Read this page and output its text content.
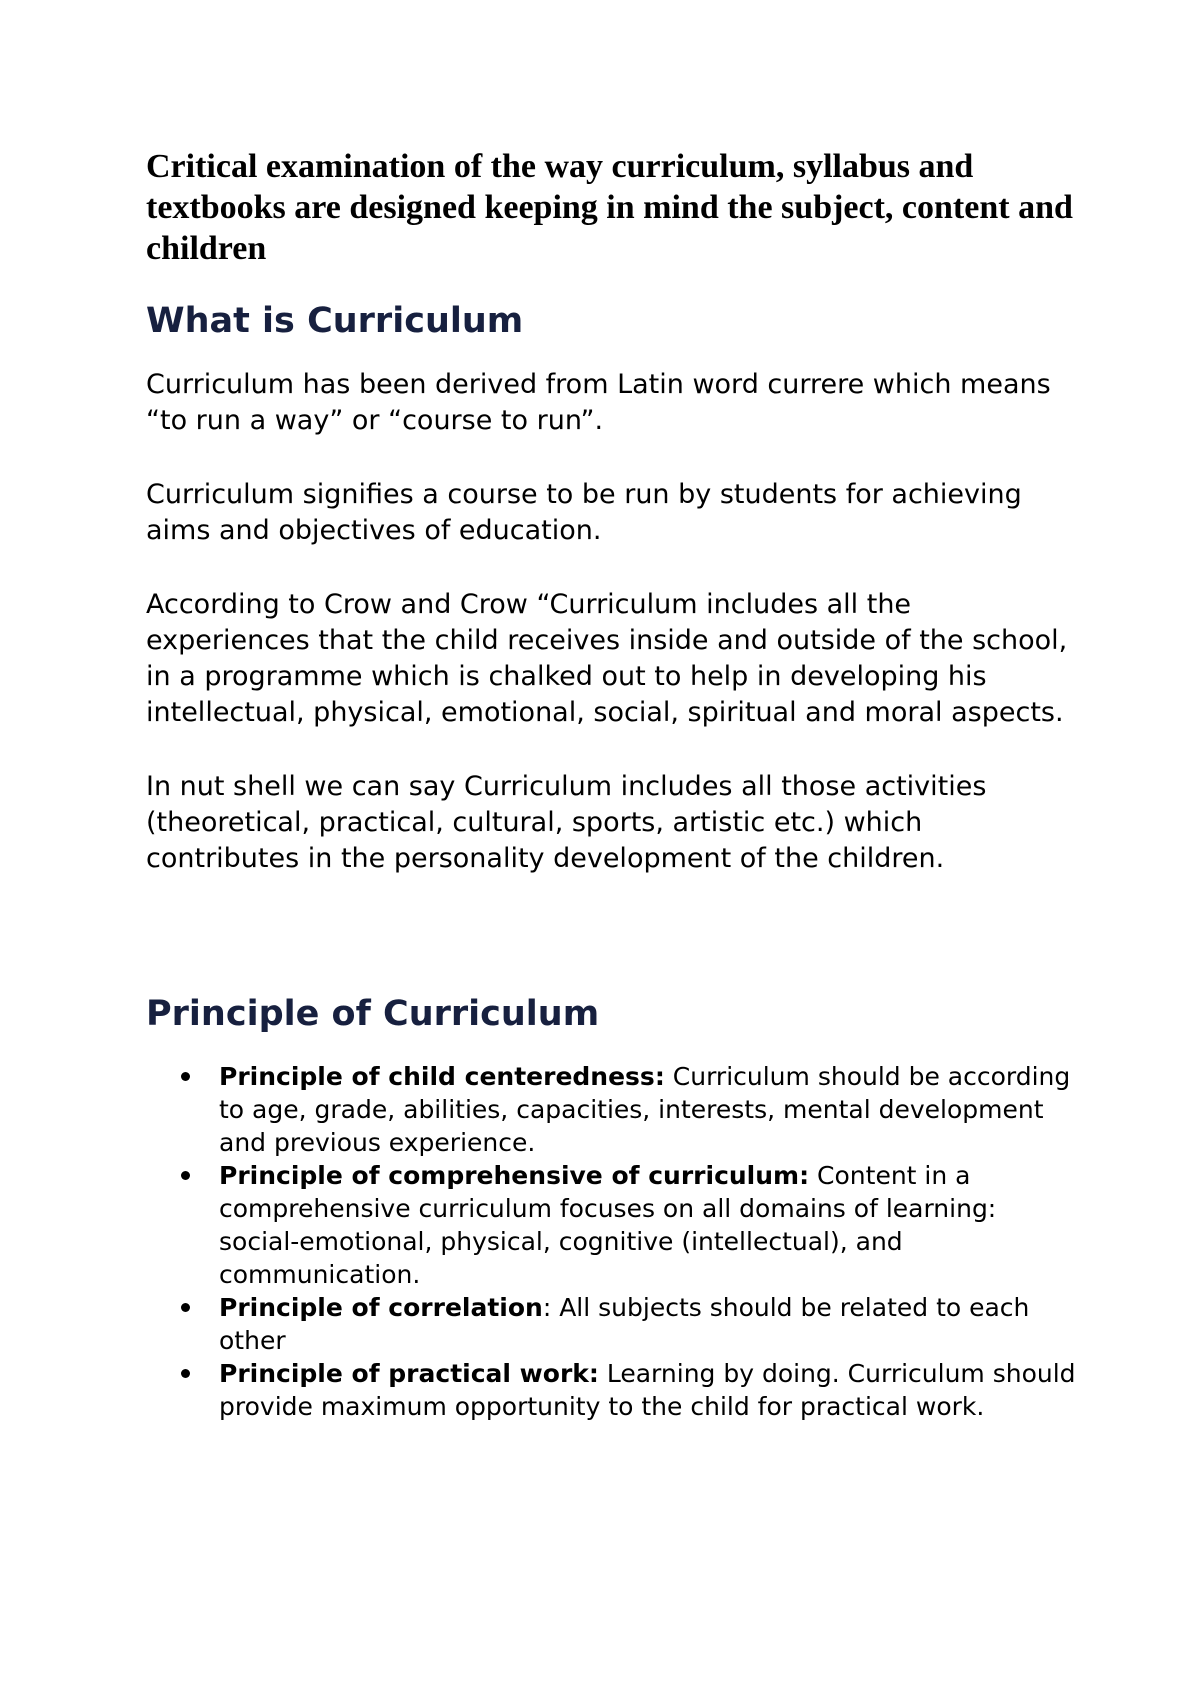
Critical examination of the way curriculum, syllabus and textbooks are designed keeping in mind the subject, content and children
What is Curriculum

Curriculum has been derived from Latin word currere which means “to run a way” or “course to run”.

Curriculum signifies a course to be run by students for achieving aims and objectives of education.

According to Crow and Crow “Curriculum includes all the experiences that the child receives inside and outside of the school, in a programme which is chalked out to help in developing his intellectual, physical, emotional, social, spiritual and moral aspects.

In nut shell we can say Curriculum includes all those activities (theoretical, practical, cultural, sports, artistic etc.) which contributes in the personality development of the children.

Principle of Curriculum
Principle of child centeredness: Curriculum should be according to age, grade, abilities, capacities, interests, mental development and previous experience.
Principle of comprehensive of curriculum: Content in a comprehensive curriculum focuses on all domains of learning: social-emotional, physical, cognitive (intellectual), and communication.
Principle of correlation: All subjects should be related to each other
Principle of practical work: Learning by doing. Curriculum should provide maximum opportunity to the child for practical work.
